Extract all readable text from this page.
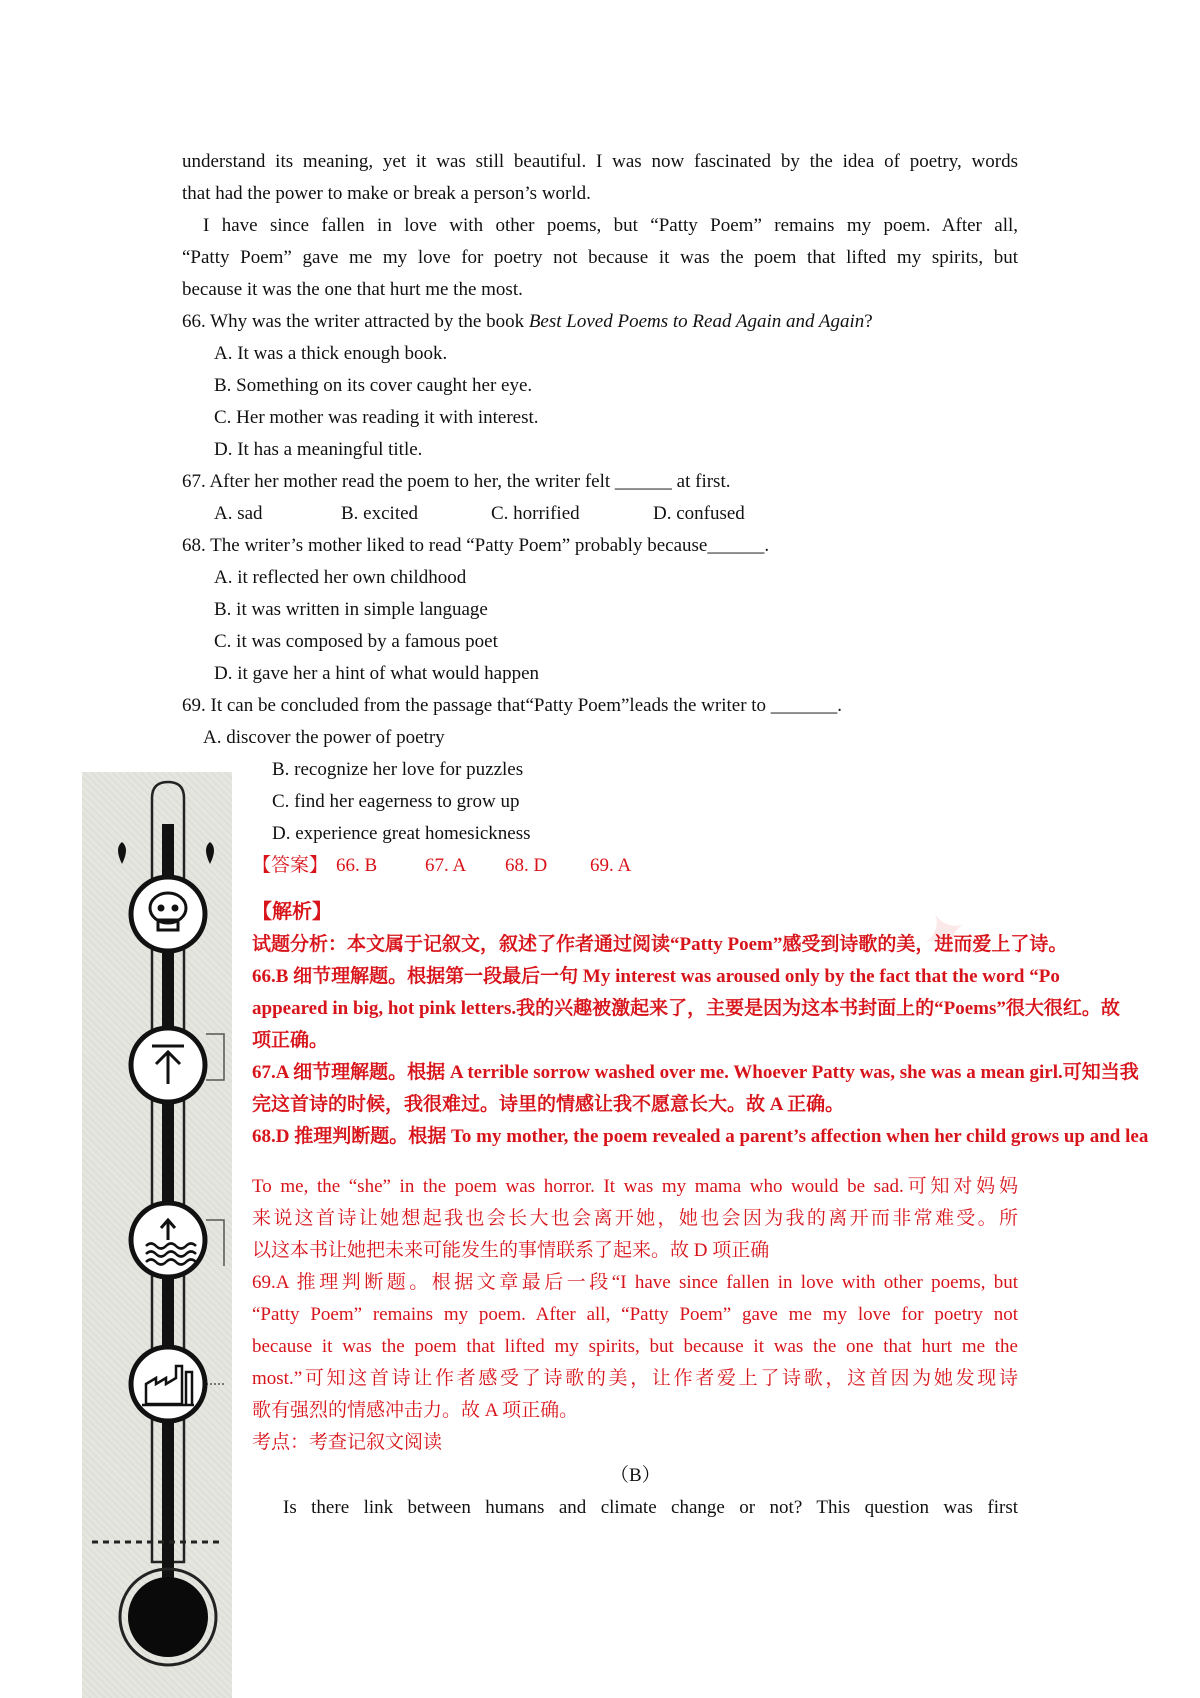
understand its meaning, yet it was still beautiful. I was now fascinated by the idea of poetry, words
that had the power to make or break a person’s world.
I have since fallen in love with other poems, but “Patty Poem” remains my poem. After all,
“Patty Poem” gave me my love for poetry not because it was the poem that lifted my spirits, but
because it was the one that hurt me the most.
66. Why was the writer attracted by the book Best Loved Poems to Read Again and Again?
A. It was a thick enough book.
B. Something on its cover caught her eye.
C. Her mother was reading it with interest.
D. It has a meaningful title.
67. After her mother read the poem to her, the writer felt ______ at first.
A. sad	B. excited	C. horrified	D. confused
68. The writer’s mother liked to read “Patty Poem” probably because______.
A. it reflected her own childhood
B. it was written in simple language
C. it was composed by a famous poet
D. it gave her a hint of what would happen
69. It can be concluded from the passage that“Patty Poem”leads the writer to _______.
A. discover the power of poetry
B. recognize her love for puzzles
C. find her eagerness to grow up
D. experience great homesickness
【答案】 66. B	67. A 68. D 69. A
✦
【解析】
试题分析：本文属于记叙文，叙述了作者通过阅读“Patty Poem”感受到诗歌的美，进而爱上了诗。
66.B 细节理解题。根据第一段最后一句 My interest was aroused only by the fact that the word “Po
appeared in big, hot pink letters.我的兴趣被激起来了，主要是因为这本书封面上的“Poems”很大很红。故
项正确。
67.A 细节理解题。根据 A terrible sorrow washed over me. Whoever Patty was, she was a mean girl.可知当我
完这首诗的时候，我很难过。诗里的情感让我不愿意长大。故 A 正确。
68.D 推理判断题。根据 To my mother, the poem revealed a parent’s affection when her child grows up and lea
To me, the “she” in the poem was horror. It was my mama who would be sad.可知对妈妈
来说这首诗让她想起我也会长大也会离开她，她也会因为我的离开而非常难受。所
以这本书让她把未来可能发生的事情联系了起来。故 D 项正确
69.A 推理判断题。根据文章最后一段“I have since fallen in love with other poems, but
“Patty Poem” remains my poem. After all, “Patty Poem” gave me my love for poetry not
because it was the poem that lifted my spirits, but because it was the one that hurt me the
most.”可知这首诗让作者感受了诗歌的美，让作者爱上了诗歌，这首因为她发现诗
歌有强烈的情感冲击力。故 A 项正确。
考点：考查记叙文阅读
（B）
Is there link between humans and climate change or not? This question was first
